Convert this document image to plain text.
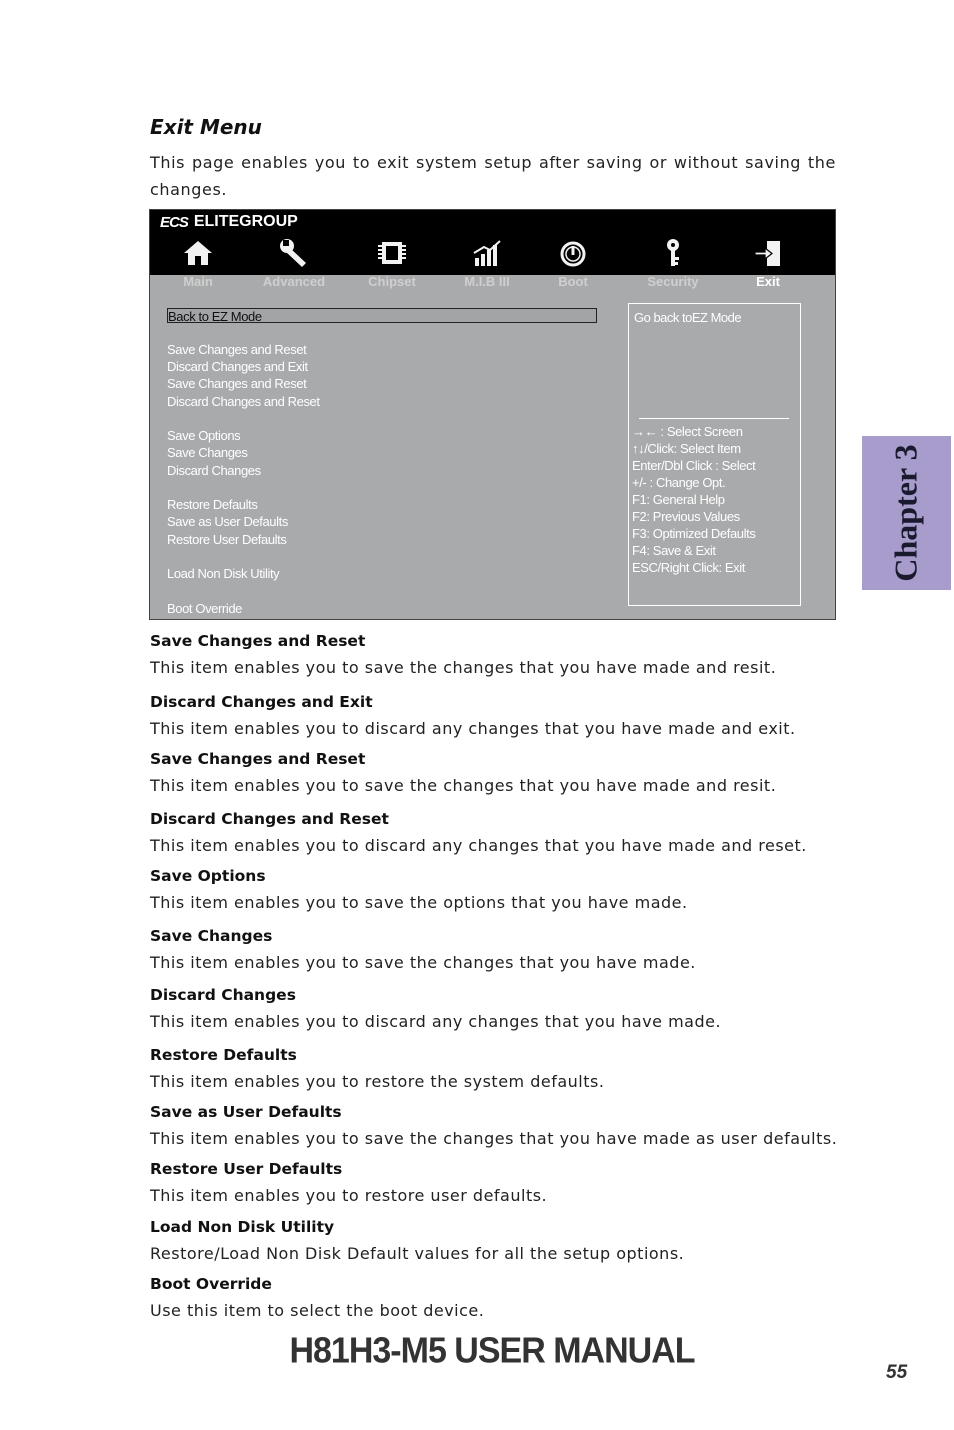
Exit Menu

This page enables you to exit system setup after saving or without saving the changes.

ECS ELITEGROUP
Main	Advanced	Chipset	M.I.B III	Boot	Security	Exit
Back to EZ Mode
Save Changes and Reset
Discard Changes and Exit
Save Changes and Reset
Discard Changes and Reset
Save Options
Save Changes
Discard Changes
Restore Defaults
Save as User Defaults
Restore User Defaults
Load Non Disk Utility
Boot Override
Go back toEZ Mode
→← : Select Screen
↑↓/Click: Select Item
Enter/Dbl Click : Select
+/- : Change Opt.
F1: General Help
F2: Previous Values
F3: Optimized Defaults
F4: Save & Exit
ESC/Right Click: Exit
Save Changes and Reset
This item enables you to save the changes that you have made and resit.
Discard Changes and Exit
This item enables you to discard any changes that you have made and exit.
Save Changes and Reset
This item enables you to save the changes that you have made and resit.
Discard Changes and Reset
This item enables you to discard any changes that you have made and reset.
Save Options
This item enables you to save the options that you have made.
Save Changes
This item enables you to save the changes that you have made.
Discard Changes
This item enables you to discard any changes that you have made.
Restore Defaults
This item enables you to restore the system defaults.
Save as User Defaults
This item enables you to save the changes that you have made as user defaults.
Restore User Defaults
This item enables you to restore user defaults.
Load Non Disk Utility
Restore/Load Non Disk Default values for all the setup options.
Boot Override
Use this item to select the boot device.
Chapter 3
H81H3-M5 USER MANUAL
55
